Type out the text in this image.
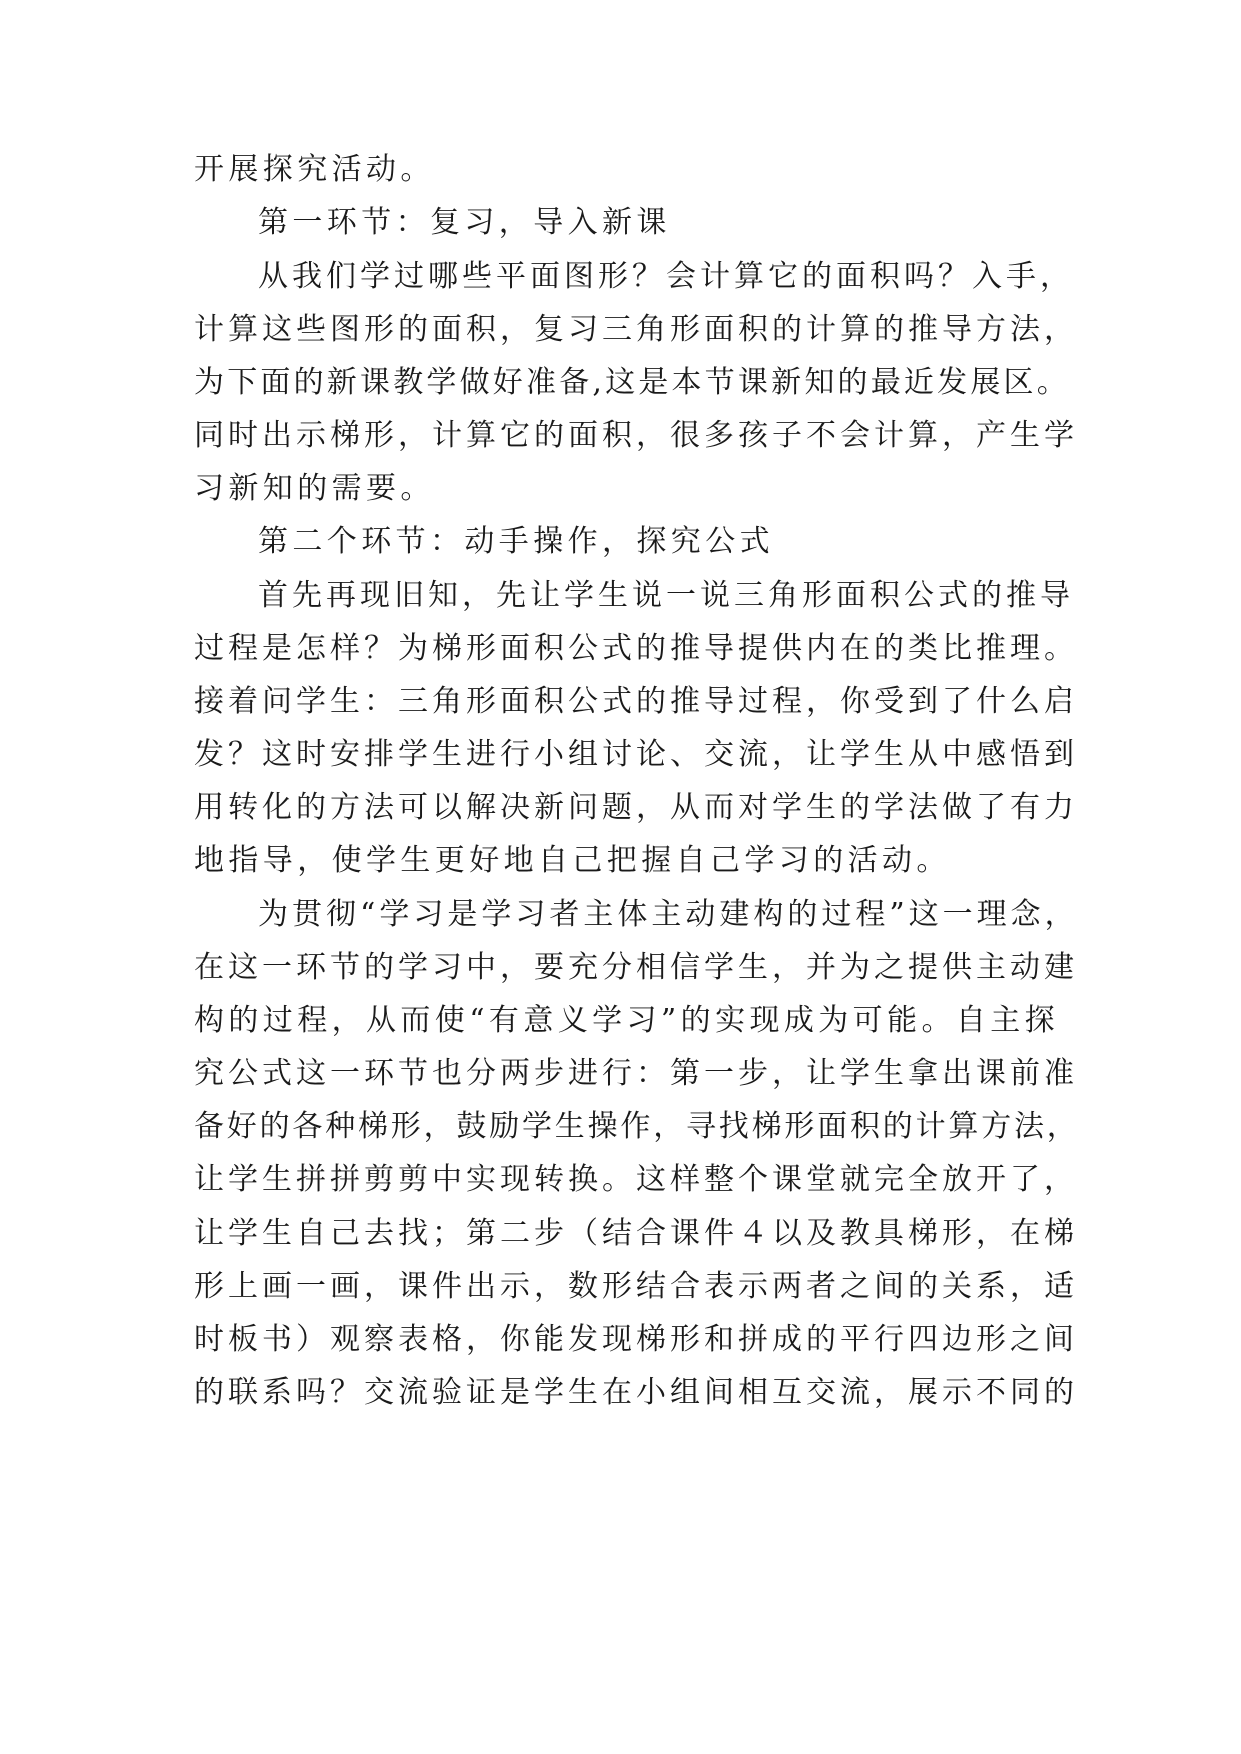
开展探究活动。
第一环节：复习，导入新课
从我们学过哪些平面图形？会计算它的面积吗？入手，
计算这些图形的面积，复习三角形面积的计算的推导方法，
为下面的新课教学做好准备,这是本节课新知的最近发展区。
同时出示梯形，计算它的面积，很多孩子不会计算，产生学
习新知的需要。
第二个环节：动手操作，探究公式
首先再现旧知，先让学生说一说三角形面积公式的推导
过程是怎样？为梯形面积公式的推导提供内在的类比推理。
接着问学生：三角形面积公式的推导过程，你受到了什么启
发？这时安排学生进行小组讨论、交流，让学生从中感悟到
用转化的方法可以解决新问题，从而对学生的学法做了有力
地指导，使学生更好地自己把握自己学习的活动。
为贯彻“学习是学习者主体主动建构的过程”这一理念，
在这一环节的学习中，要充分相信学生，并为之提供主动建
构的过程，从而使“有意义学习”的实现成为可能。自主探
究公式这一环节也分两步进行：第一步，让学生拿出课前准
备好的各种梯形，鼓励学生操作，寻找梯形面积的计算方法，
让学生拼拼剪剪中实现转换。这样整个课堂就完全放开了，
让学生自己去找；第二步（结合课件４以及教具梯形，在梯
形上画一画，课件出示，数形结合表示两者之间的关系，适
时板书）观察表格，你能发现梯形和拼成的平行四边形之间
的联系吗？交流验证是学生在小组间相互交流，展示不同的
